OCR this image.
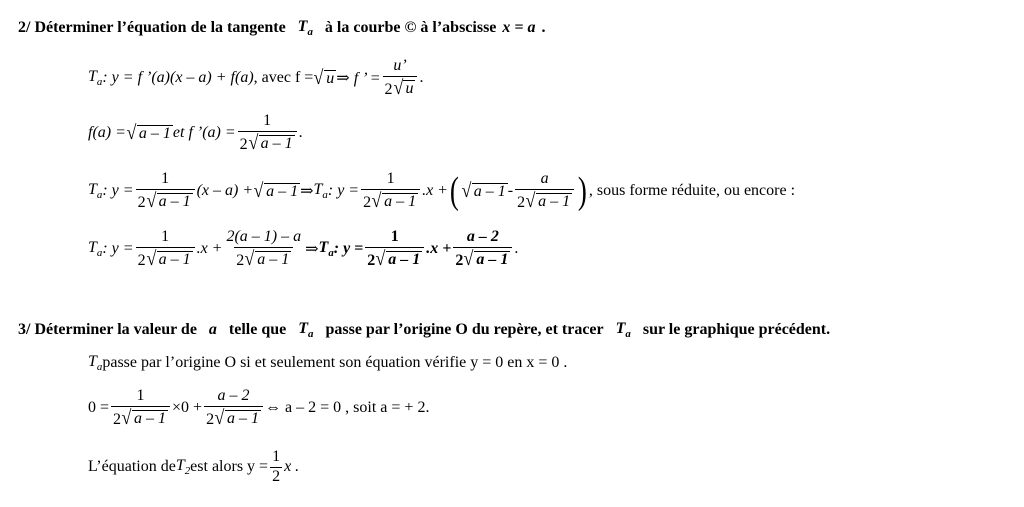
2/ Déterminer l’équation de la tangente $T_a$ à la courbe © à l’abscisse x = a .
$T_a$ : y = f ’(a)(x – a) + f(a) , avec f = √ u ⇒ f ’ = $\frac{u’}{2 √ u}$ .
f(a) = √ a – 1 et f ’(a) = $\frac{1}{2 √ a - 1}$ .
$T_a$ : $y = \frac{1}{2 √ a - 1} (x - a)$ + √ a – 1 ⇒ $T_a$ : $y = \frac{1}{2 √ a - 1} .x$ + ( √ a – $1 - \frac{a}{2 √ a - 1}$ ) , sous forme réduite, ou encore :
$T_a$ : $y = \frac{1}{2 √ a - 1} .x + \frac{2(a - 1) - a}{2 √ a - 1}$ ⇒ $T_a$ : $y = \frac{1}{2 √ a - 1} .x + \frac{a - 2}{2 √ a - 1}$ .
3/ Déterminer la valeur de a telle que $T_a$ passe par l’origine O du repère, et tracer $T_a$ sur le graphique précédent.
$T_a$ passe par l’origine O si et seulement son équation vérifie y = 0 en x = 0 .
$0 = \frac{1}{2 √ a - 1} \times 0 + \frac{a - 2}{2 √ a - 1}$ ⇔ a – 2 = 0 , soit a = + 2.
L’équation de $T_2$ est alors $y = \frac{1}{2}$ x .
